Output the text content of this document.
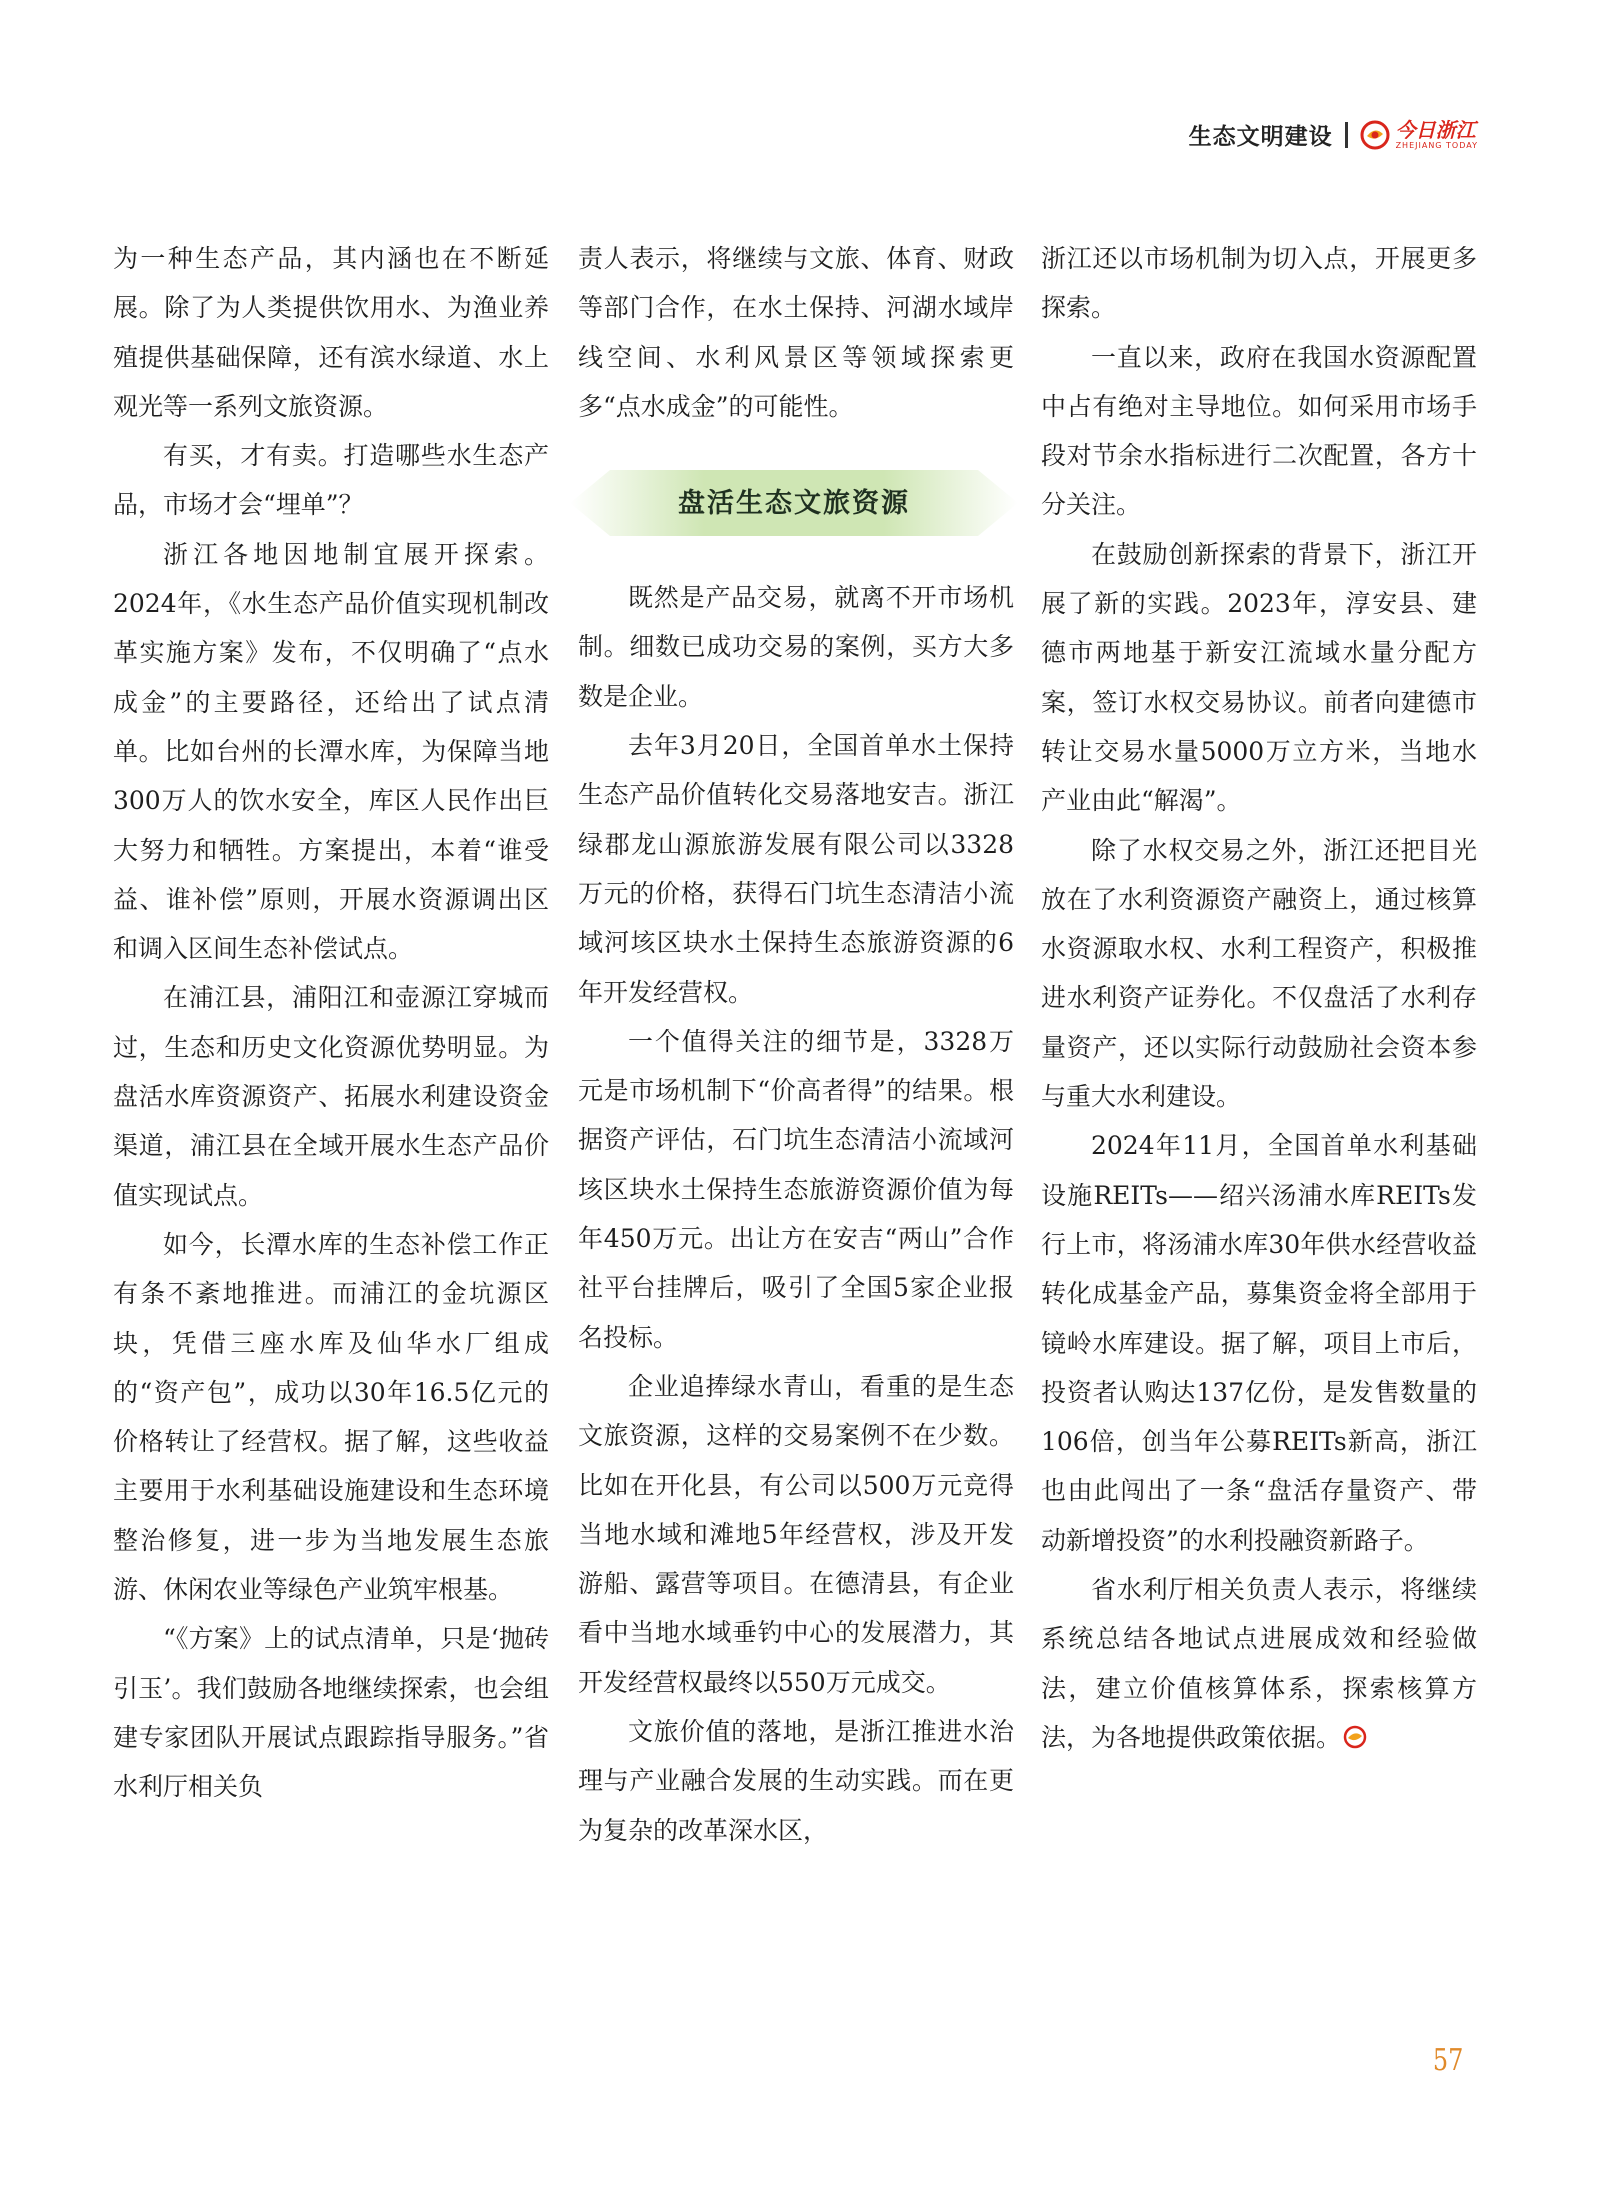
生态文明建设	今日浙江
ZHEJIANG TODAY

为一种生态产品，其内涵也在不断延展。除了为人类提供饮用水、为渔业养殖提供基础保障，还有滨水绿道、水上观光等一系列文旅资源。

有买，才有卖。打造哪些水生态产品，市场才会“埋单”？

浙江各地因地制宜展开探索。2024年，《水生态产品价值实现机制改革实施方案》发布，不仅明确了“点水成金”的主要路径，还给出了试点清单。比如台州的长潭水库，为保障当地300万人的饮水安全，库区人民作出巨大努力和牺牲。方案提出，本着“谁受益、谁补偿”原则，开展水资源调出区和调入区间生态补偿试点。

在浦江县，浦阳江和壶源江穿城而过，生态和历史文化资源优势明显。为盘活水库资源资产、拓展水利建设资金渠道，浦江县在全域开展水生态产品价值实现试点。

如今，长潭水库的生态补偿工作正有条不紊地推进。而浦江的金坑源区块，凭借三座水库及仙华水厂组成的“资产包”，成功以30年16.5亿元的价格转让了经营权。据了解，这些收益主要用于水利基础设施建设和生态环境整治修复，进一步为当地发展生态旅游、休闲农业等绿色产业筑牢根基。

“《方案》上的试点清单，只是‘抛砖引玉’。我们鼓励各地继续探索，也会组建专家团队开展试点跟踪指导服务。”省水利厅相关负

责人表示，将继续与文旅、体育、财政等部门合作，在水土保持、河湖水域岸线空间、水利风景区等领域探索更多“点水成金”的可能性。

盘活生态文旅资源

既然是产品交易，就离不开市场机制。细数已成功交易的案例，买方大多数是企业。

去年3月20日，全国首单水土保持生态产品价值转化交易落地安吉。浙江绿郡龙山源旅游发展有限公司以3328万元的价格，获得石门坑生态清洁小流域河垓区块水土保持生态旅游资源的6年开发经营权。

一个值得关注的细节是，3328万元是市场机制下“价高者得”的结果。根据资产评估，石门坑生态清洁小流域河垓区块水土保持生态旅游资源价值为每年450万元。出让方在安吉“两山”合作社平台挂牌后，吸引了全国5家企业报名投标。

企业追捧绿水青山，看重的是生态文旅资源，这样的交易案例不在少数。比如在开化县，有公司以500万元竞得当地水域和滩地5年经营权，涉及开发游船、露营等项目。在德清县，有企业看中当地水域垂钓中心的发展潜力，其开发经营权最终以550万元成交。

文旅价值的落地，是浙江推进水治理与产业融合发展的生动实践。而在更为复杂的改革深水区，

浙江还以市场机制为切入点，开展更多探索。

一直以来，政府在我国水资源配置中占有绝对主导地位。如何采用市场手段对节余水指标进行二次配置，各方十分关注。

在鼓励创新探索的背景下，浙江开展了新的实践。2023年，淳安县、建德市两地基于新安江流域水量分配方案，签订水权交易协议。前者向建德市转让交易水量5000万立方米，当地水产业由此“解渴”。

除了水权交易之外，浙江还把目光放在了水利资源资产融资上，通过核算水资源取水权、水利工程资产，积极推进水利资产证券化。不仅盘活了水利存量资产，还以实际行动鼓励社会资本参与重大水利建设。

2024年11月，全国首单水利基础设施REITs——绍兴汤浦水库REITs发行上市，将汤浦水库30年供水经营收益转化成基金产品，募集资金将全部用于镜岭水库建设。据了解，项目上市后，投资者认购达137亿份，是发售数量的106倍，创当年公募REITs新高，浙江也由此闯出了一条“盘活存量资产、带动新增投资”的水利投融资新路子。

省水利厅相关负责人表示，将继续系统总结各地试点进展成效和经验做法，建立价值核算体系，探索核算方法，为各地提供政策依据。

57
